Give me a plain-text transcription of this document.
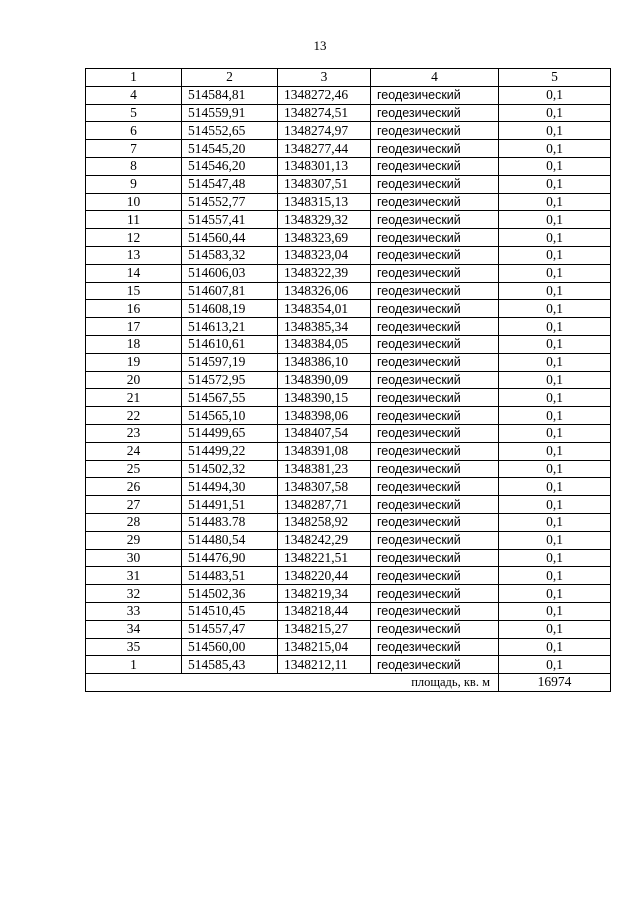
13
1	2	3	4	5
4	514584,81	1348272,46	геодезический	0,1
5	514559,91	1348274,51	геодезический	0,1
6	514552,65	1348274,97	геодезический	0,1
7	514545,20	1348277,44	геодезический	0,1
8	514546,20	1348301,13	геодезический	0,1
9	514547,48	1348307,51	геодезический	0,1
10	514552,77	1348315,13	геодезический	0,1
11	514557,41	1348329,32	геодезический	0,1
12	514560,44	1348323,69	геодезический	0,1
13	514583,32	1348323,04	геодезический	0,1
14	514606,03	1348322,39	геодезический	0,1
15	514607,81	1348326,06	геодезический	0,1
16	514608,19	1348354,01	геодезический	0,1
17	514613,21	1348385,34	геодезический	0,1
18	514610,61	1348384,05	геодезический	0,1
19	514597,19	1348386,10	геодезический	0,1
20	514572,95	1348390,09	геодезический	0,1
21	514567,55	1348390,15	геодезический	0,1
22	514565,10	1348398,06	геодезический	0,1
23	514499,65	1348407,54	геодезический	0,1
24	514499,22	1348391,08	геодезический	0,1
25	514502,32	1348381,23	геодезический	0,1
26	514494,30	1348307,58	геодезический	0,1
27	514491,51	1348287,71	геодезический	0,1
28	514483.78	1348258,92	геодезический	0,1
29	514480,54	1348242,29	геодезический	0,1
30	514476,90	1348221,51	геодезический	0,1
31	514483,51	1348220,44	геодезический	0,1
32	514502,36	1348219,34	геодезический	0,1
33	514510,45	1348218,44	геодезический	0,1
34	514557,47	1348215,27	геодезический	0,1
35	514560,00	1348215,04	геодезический	0,1
1	514585,43	1348212,11	геодезический	0,1
площадь, кв. м				16974
